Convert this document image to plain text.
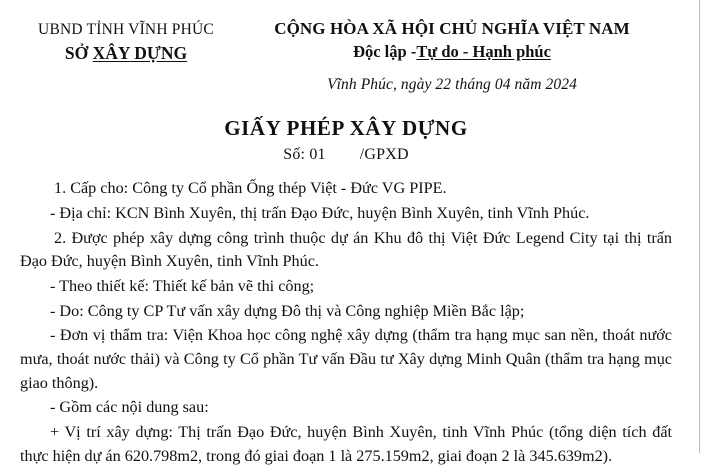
UBND TỈNH VĨNH PHÚC
SỞ XÂY DỰNG
CỘNG HÒA XÃ HỘI CHỦ NGHĨA VIỆT NAM
Độc lập -Tự do - Hạnh phúc
Vĩnh Phúc, ngày 22 tháng 04 năm 2024
GIẤY PHÉP XÂY DỰNG
Số: 01 /GPXD

1. Cấp cho: Công ty Cổ phần Ống thép Việt - Đức VG PIPE.

- Địa chỉ: KCN Bình Xuyên, thị trấn Đạo Đức, huyện Bình Xuyên, tinh Vĩnh Phúc.

2. Được phép xây dựng công trình thuộc dự án Khu đô thị Việt Đức Legend City tại thị trấn Đạo Đức, huyện Bình Xuyên, tinh Vĩnh Phúc.

- Theo thiết kế: Thiết kế bản vẽ thi công;

- Do: Công ty CP Tư vấn xây dựng Đô thị và Công nghiệp Miền Bắc lập;

- Đơn vị thẩm tra: Viện Khoa học công nghệ xây dựng (thẩm tra hạng mục san nền, thoát nước mưa, thoát nước thải) và Công ty Cổ phần Tư vấn Đầu tư Xây dựng Minh Quân (thẩm tra hạng mục giao thông).

- Gồm các nội dung sau:

+ Vị trí xây dựng: Thị trấn Đạo Đức, huyện Bình Xuyên, tinh Vĩnh Phúc (tổng diện tích đất thực hiện dự án 620.798m2, trong đó giai đoạn 1 là 275.159m2, giai đoạn 2 là 345.639m2).
